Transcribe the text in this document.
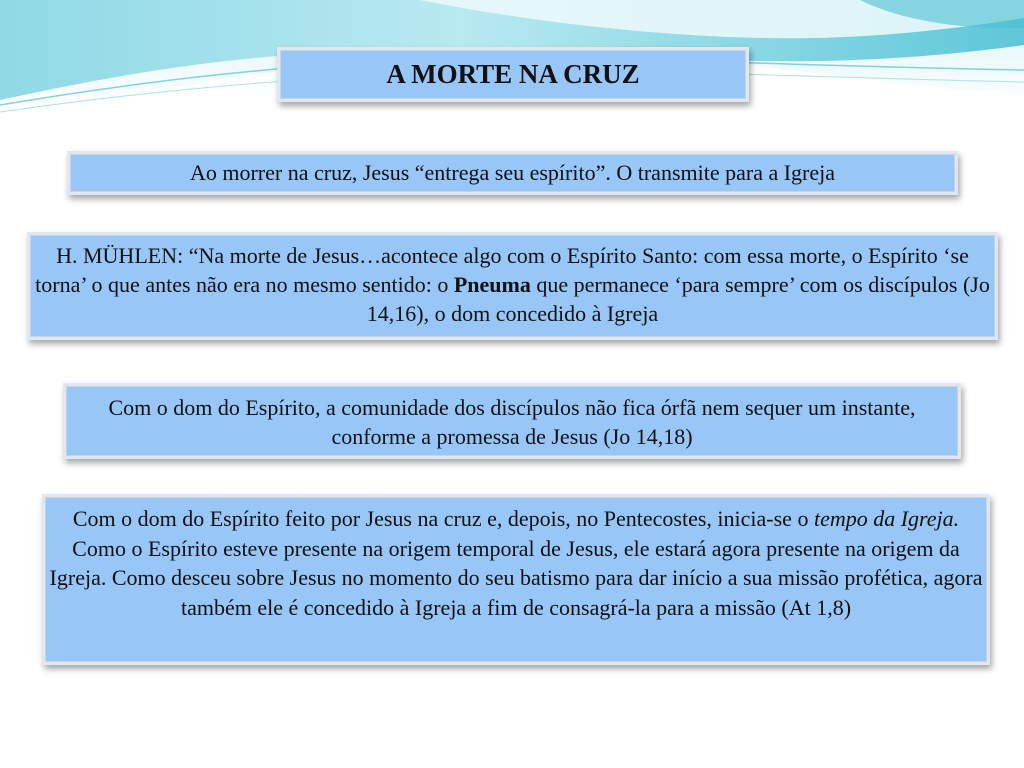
A MORTE NA CRUZ
Ao morrer na cruz, Jesus “entrega seu espírito”. O transmite para a Igreja
H. MÜHLEN: “Na morte de Jesus…acontece algo com o Espírito Santo: com essa morte, o Espírito ‘se torna’ o que antes não era no mesmo sentido: o Pneuma que permanece ‘para sempre’ com os discípulos (Jo 14,16), o dom concedido à Igreja
Com o dom do Espírito, a comunidade dos discípulos não fica órfã nem sequer um instante, conforme a promessa de Jesus (Jo 14,18)
Com o dom do Espírito feito por Jesus na cruz e, depois, no Pentecostes, inicia-se o tempo da Igreja. Como o Espírito esteve presente na origem temporal de Jesus, ele estará agora presente na origem da Igreja. Como desceu sobre Jesus no momento do seu batismo para dar início a sua missão profética, agora também ele é concedido à Igreja a fim de consagrá-la para a missão (At 1,8)
